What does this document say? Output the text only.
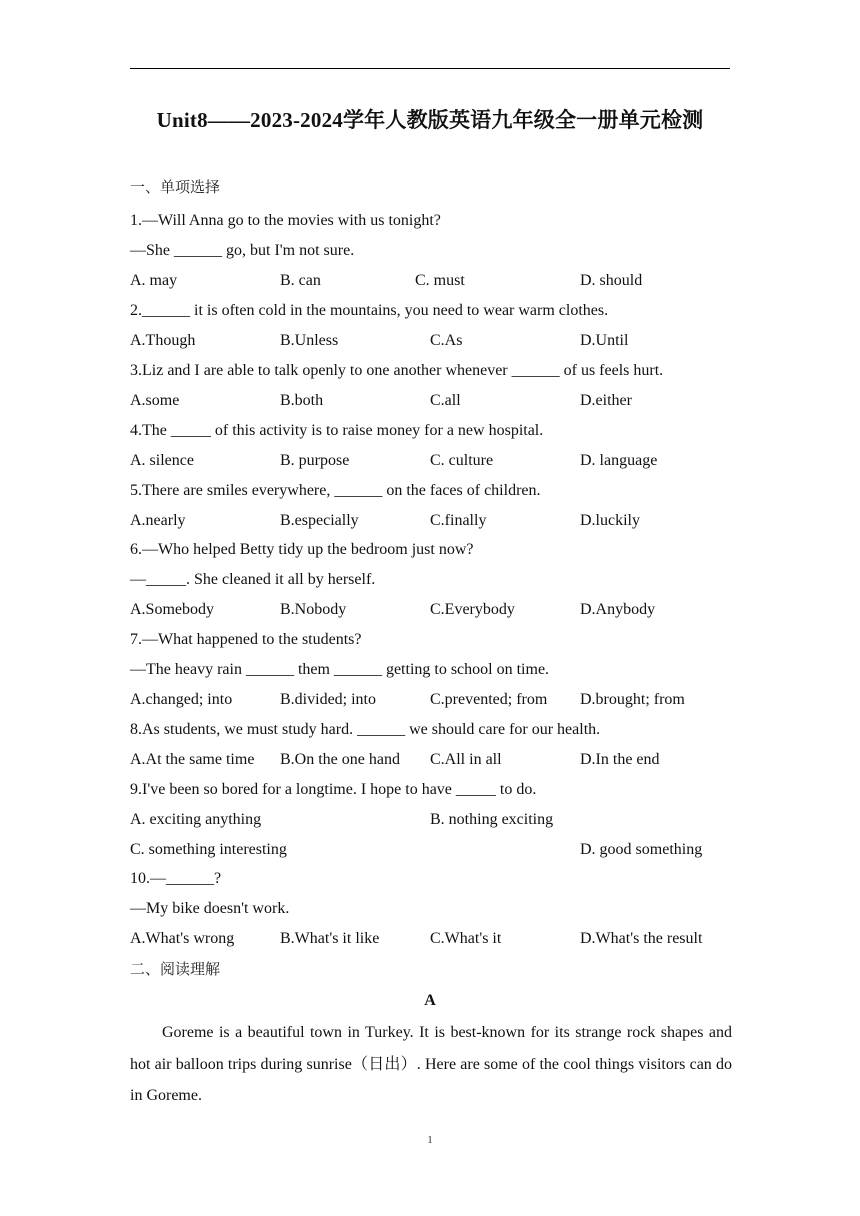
Unit8——2023-2024学年人教版英语九年级全一册单元检测
一、单项选择
1.—Will Anna go to the movies with us tonight?
—She ______ go, but I'm not sure.
A. may	B. can	C. must	D. should
2.______ it is often cold in the mountains, you need to wear warm clothes.
A.Though	B.Unless	C.As	D.Until
3.Liz and I are able to talk openly to one another whenever ______ of us feels hurt.
A.some	B.both	C.all	D.either
4.The _____ of this activity is to raise money for a new hospital.
A. silence	B. purpose	C. culture	D. language
5.There are smiles everywhere, ______ on the faces of children.
A.nearly	B.especially	C.finally	D.luckily
6.—Who helped Betty tidy up the bedroom just now?
—_____. She cleaned it all by herself.
A.Somebody	B.Nobody	C.Everybody	D.Anybody
7.—What happened to the students?
—The heavy rain ______ them ______ getting to school on time.
A.changed; into	B.divided; into	C.prevented; from D.brought; from
8.As students, we must study hard. ______ we should care for our health.
A.At the same time B.On the one hand C.All in all	D.In the end
9.I've been so bored for a longtime. I hope to have _____ to do.
A. exciting anything	B. nothing exciting
C. something interesting	D. good something
10.—______?
—My bike doesn't work.
A.What's wrong	B.What's it like	C.What's it	D.What's the result
二、阅读理解
A
Goreme is a beautiful town in Turkey. It is best-known for its strange rock shapes and hot air balloon trips during sunrise（日出）. Here are some of the cool things visitors can do in Goreme.
1
